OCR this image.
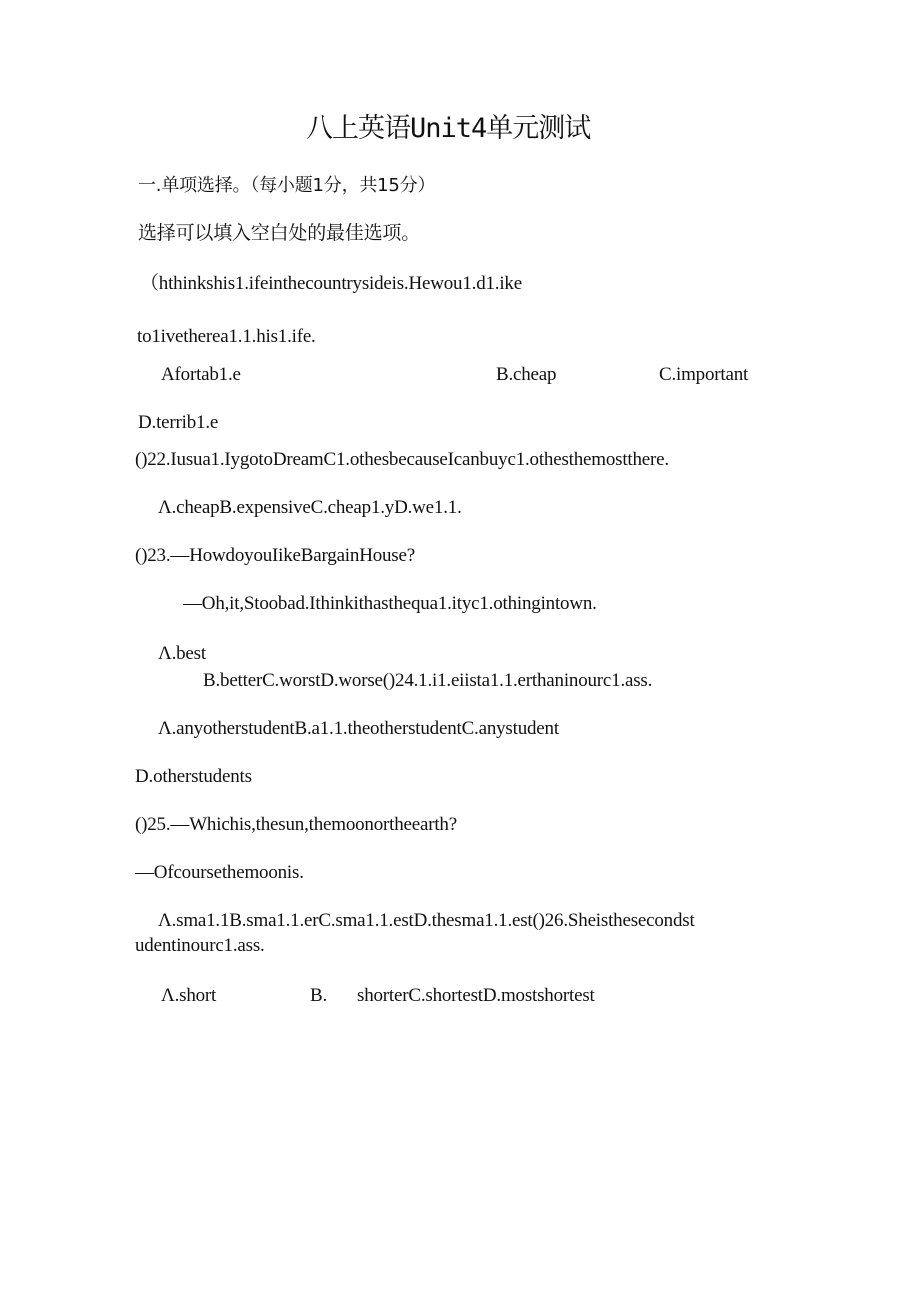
八上英语Unit4单元测试
一.单项选择。（每小题1分，共15分）
选择可以填入空白处的最佳选项。
（hthinkshis1.ifeinthecountrysideis.Hewou1.d1.ike
to1ivetherea1.1.his1.ife.
Afortab1.e	B.cheap	C.important
D.terrib1.e
()22.Iusua1.IygotoDreamC1.othesbecauseIcanbuyc1.othesthemostthere.
Λ.cheapB.expensiveC.cheap1.yD.we1.1.
()23.—HowdoyouIikeBargainHouse?
—Oh,it,Stoobad.Ithinkithasthequa1.ityc1.othingintown.
Λ.best
B.betterC.worstD.worse()24.1.i1.eiista1.1.erthaninourc1.ass.
Λ.anyotherstudentB.a1.1.theotherstudentC.anystudent
D.otherstudents
()25.—Whichis,thesun,themoonortheearth?
—Ofcoursethemoonis.
Λ.sma1.1B.sma1.1.erC.sma1.1.estD.thesma1.1.est()26.Sheisthesecondst
udentinourc1.ass.
Λ.short	B. shorterC.shortestD.mostshortest
